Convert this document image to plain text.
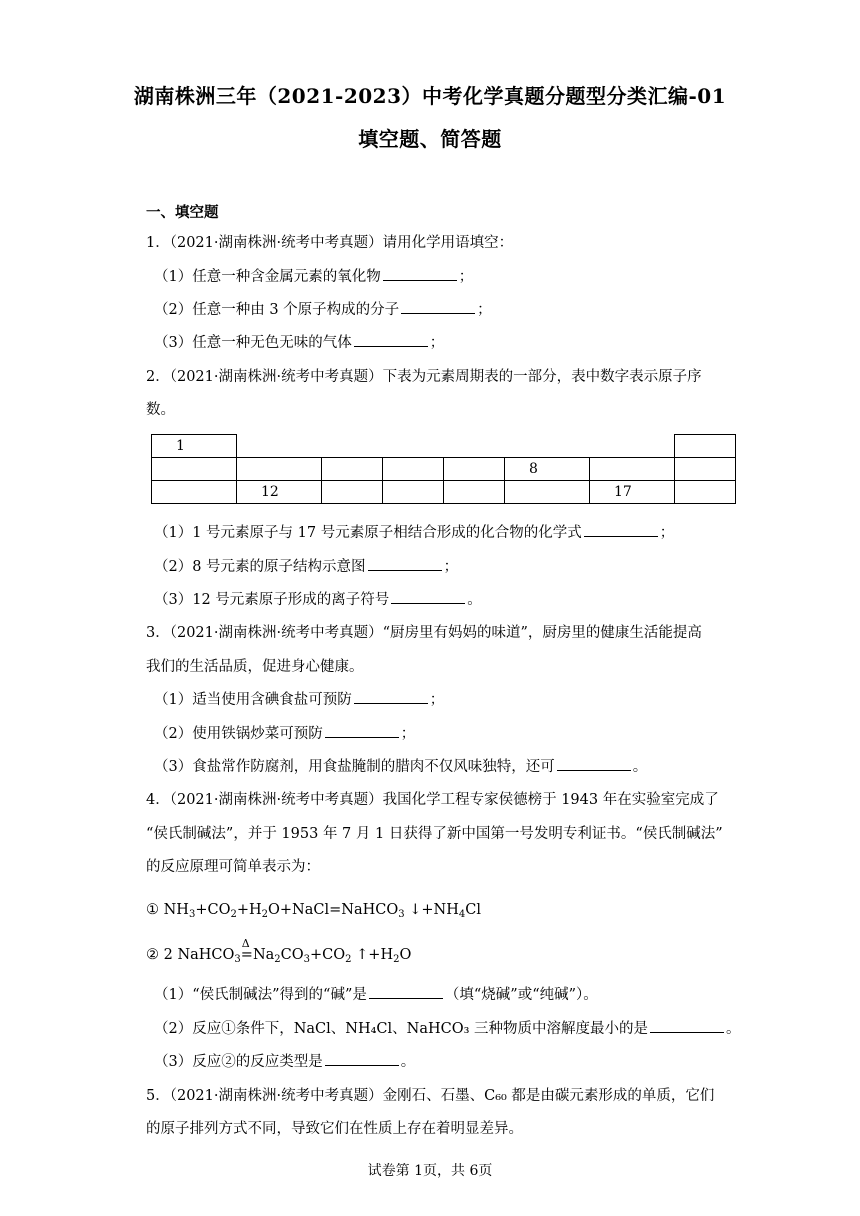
湖南株洲三年（2021-2023）中考化学真题分题型分类汇编-01
填空题、简答题
一、填空题
1．（2021·湖南株洲·统考中考真题）请用化学用语填空：
（1）任意一种含金属元素的氧化物	；
（2）任意一种由 3 个原子构成的分子	；
（3）任意一种无色无味的气体	；
2．（2021·湖南株洲·统考中考真题）下表为元素周期表的一部分，表中数字表示原子序
数。
1							
					8		
	12					17	
（1）1 号元素原子与 17 号元素原子相结合形成的化合物的化学式	；
（2）8 号元素的原子结构示意图	；
（3）12 号元素原子形成的离子符号	。
3．（2021·湖南株洲·统考中考真题）“厨房里有妈妈的味道”，厨房里的健康生活能提高
我们的生活品质，促进身心健康。
（1）适当使用含碘食盐可预防	；
（2）使用铁锅炒菜可预防	；
（3）食盐常作防腐剂，用食盐腌制的腊肉不仅风味独特，还可	。
4．（2021·湖南株洲·统考中考真题）我国化学工程专家侯德榜于 1943 年在实验室完成了
“侯氏制碱法”，并于 1953 年 7 月 1 日获得了新中国第一号发明专利证书。“侯氏制碱法”
的反应原理可简单表示为：
① $NH_3+CO_2+H_2O+NaCl=NaHCO_3$ $↓+NH_4Cl$
② 2 NaHCO$_3$
Δ
$=Na_2CO_3+CO_2$ $↑+H_2O$
（1）“侯氏制碱法”得到的“碱”是	（填“烧碱”或“纯碱”）。
（2）反应①条件下，NaCl、NH₄Cl、NaHCO₃ 三种物质中溶解度最小的是	。
（3）反应②的反应类型是	。
5．（2021·湖南株洲·统考中考真题）金刚石、石墨、C₆₀ 都是由碳元素形成的单质，它们
的原子排列方式不同，导致它们在性质上存在着明显差异。
试卷第 1页，共 6页
